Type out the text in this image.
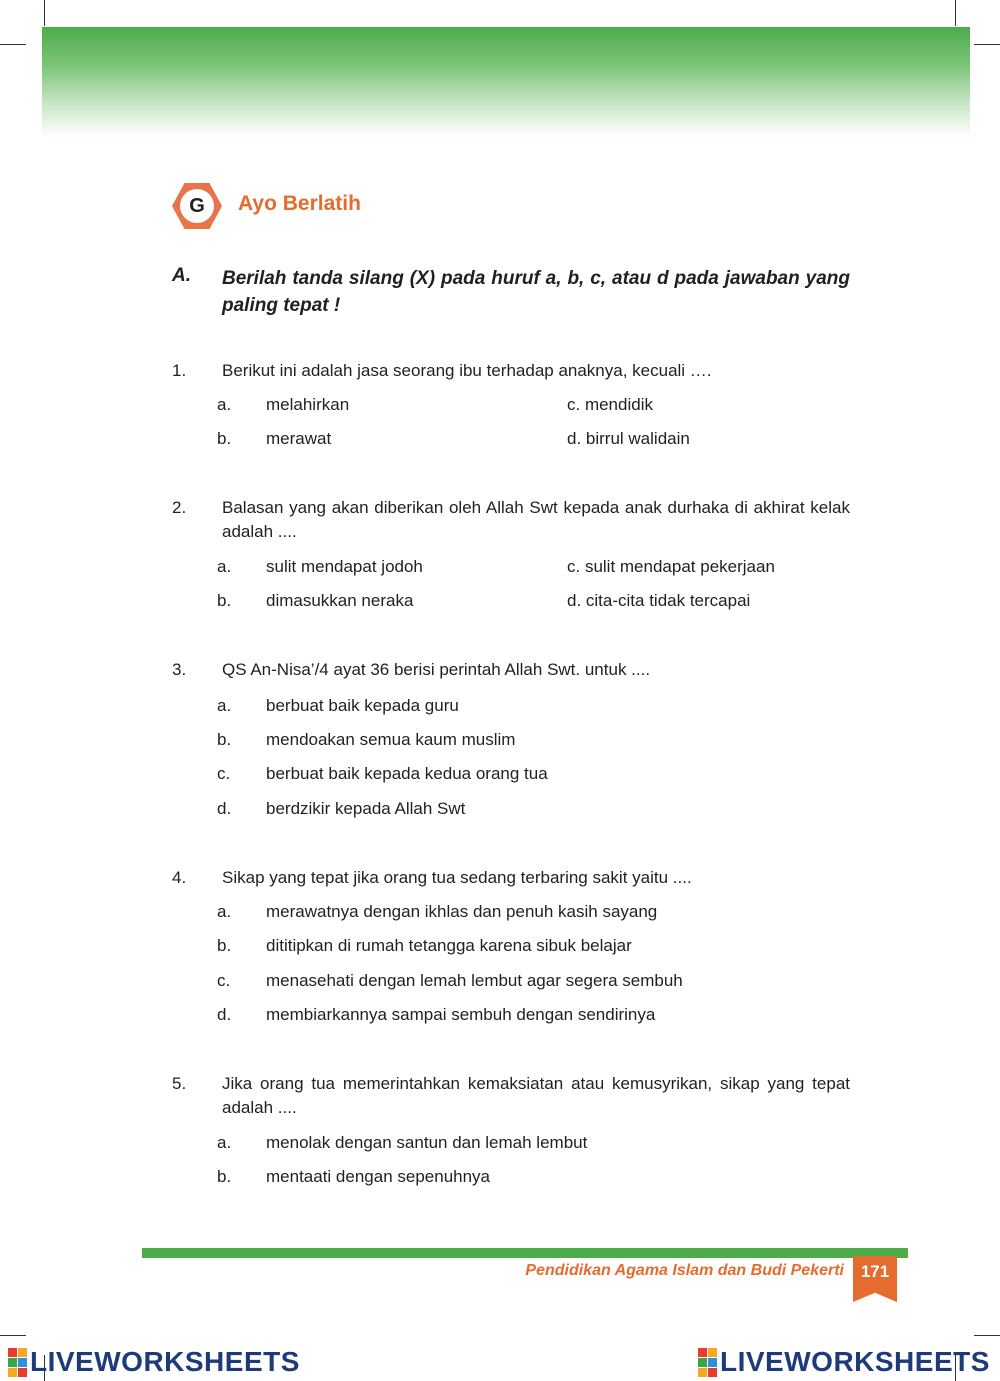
G Ayo Berlatih
A. Berilah tanda silang (X) pada huruf a, b, c, atau d pada jawaban yang paling tepat !
1. Berikut ini adalah jasa seorang ibu terhadap anaknya, kecuali ….
a. melahirkan	c. mendidik
b. merawat	d. birrul walidain
2. Balasan yang akan diberikan oleh Allah Swt kepada anak durhaka di akhirat kelak adalah ....
a. sulit mendapat jodoh	c. sulit mendapat pekerjaan
b. dimasukkan neraka	d. cita-cita tidak tercapai
3. QS An-Nisa’/4 ayat 36 berisi perintah Allah Swt. untuk ....
a. berbuat baik kepada guru
b. mendoakan semua kaum muslim
c. berbuat baik kepada kedua orang tua
d. berdzikir kepada Allah Swt
4. Sikap yang tepat jika orang tua sedang terbaring sakit yaitu ....
a. merawatnya dengan ikhlas dan penuh kasih sayang
b. dititipkan di rumah tetangga karena sibuk belajar
c. menasehati dengan lemah lembut agar segera sembuh
d. membiarkannya sampai sembuh dengan sendirinya
5. Jika orang tua memerintahkan kemaksiatan atau kemusyrikan, sikap yang tepat adalah ....
a. menolak dengan santun dan lemah lembut
b. mentaati dengan sepenuhnya
Pendidikan Agama Islam dan Budi Pekerti 171
LIVEWORKSHEETS	LIVEWORKSHEETS
